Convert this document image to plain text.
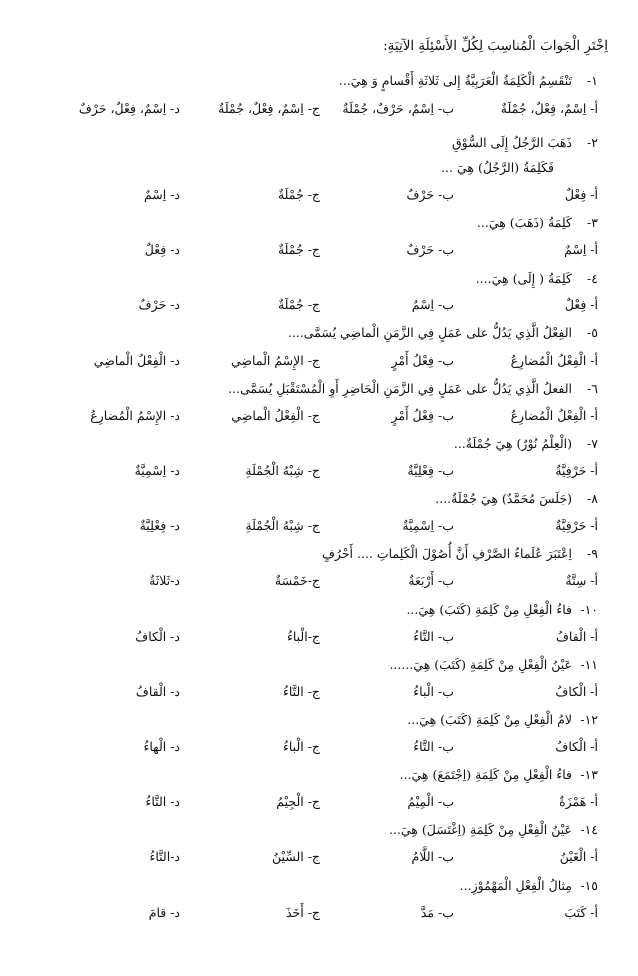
اِخْتَرِ الْجَوابَ الْمُناسِبَ لِكُلِّ الأَسْئِلَةِ الآتِيَةِ:
١-
تَنْقَسِمُ الْكَلِمَةُ الْعَرَبِيَّةُ إِلى ثَلاثَةِ أَقْسامٍ وَ هِيَ...
أ- اِسْمٌ، فِعْلٌ، جُمْلَةٌ
ب- اِسْمٌ، حَرْفٌ، جُمْلَةٌ
ج- اِسْمٌ، فِعْلٌ، جُمْلَةٌ
د- اِسْمٌ، فِعْلٌ، حَرْفٌ
٢-
ذَهَبَ الرَّجُلُ إِلَى السُّوْقِ
فَكَلِمَةُ (الرَّجُلُ) هِيَ ...
أ- فِعْلٌ
ب- حَرْفٌ
ج- جُمْلَةٌ
د- اِسْمٌ
٣-
كَلِمَةُ (ذَهَبَ) هِيَ...
أ- اِسْمٌ
ب- حَرْفٌ
ج- جُمْلَةٌ
د- فِعْلٌ
٤-
كَلِمَةُ ( إِلَى) هِيَ....
أ- فِعْلٌ
ب- اِسْمٌ
ج- جُمْلَةٌ
د- حَرْفٌ
٥-
الفِعْلُ الَّذِي يَدُلُّ على عَمَلٍ فِي الزَّمَنِ الْماضِي يُسَمَّى....
أ- الْفِعْلُ الْمُضارِعُ
ب- فِعْلُ أَمْرٍ
ج- الإِسْمُ الْماضِي
د- الْفِعْلُ الْماضِي
٦-
الفعلُ الَّذِي يَدُلُّ على عَمَلٍ فِي الزَّمَنِ الْحَاضِرِ أَوِ الْمُسْتَقْبَلِ يُسَمَّى...
أ- الْفِعْلُ الْمُضارِعُ
ب- فِعْلُ أَمْرٍ
ج- الْفِعْلُ الْماضِي
د- الإِسْمُ الْمُضارِعُ
٧-
(الْعِلْمُ نُوْرٌ) هِيَ جُمْلَةٌ...
أ- حَرْفِيَّةٌ
ب- فِعْلِيَّةٌ
ج- شِبْهُ الْجُمْلَةِ
د- اِسْمِيَّةٌ
٨-
(جَلَسَ مُحَمَّدٌ) هِيَ جُمْلَةٌ....
أ- حَرْفِيَّةٌ
ب- اِسْمِيَّةٌ
ج- شِبْهُ الْجُمْلَةِ
د- فِعْلِيَّةٌ
٩-
اِعْتَبَرَ عُلَماءُ الصَّرْفِ أَنَّ أُصُوْلَ الْكَلِماتِ .... أَحْرُفٍ
أ- سِتَّةٌ
ب- أَرْبَعَةٌ
ج-خَمْسَةٌ
د-ثَلاثَةٌ
١٠-
فاءُ الْفِعْلِ مِنْ كَلِمَةِ (كَتَبَ) هِيَ...
أ- الْقافُ
ب- التَّاءُ
ج-الْباءُ
د- الْكافُ
١١-
عَيْنُ الْفِعْلِ مِنْ كَلِمَةِ (كَتَبَ) هِيَ......
أ- الْكافُ
ب- الْباءُ
ج- التَّاءُ
د- الْقافُ
١٢-
لامُ الْفِعْلِ مِنْ كَلِمَةِ (كَتَبَ) هِيَ...
أ- الْكافُ
ب- التَّاءُ
ج- الْباءُ
د- الْهاءُ
١٣-
فاءُ الْفِعْلِ مِنْ كَلِمَةِ (اِجْتَمَعَ) هِيَ...
أ- هَمْزَةٌ
ب- الْمِيْمُ
ج- الْجِيْمُ
د- التَّاءُ
١٤-
عَيْنُ الْفِعْلِ مِنْ كَلِمَةِ (اِغْتَسَلَ) هِيَ...
أ- الْغَيْنُ
ب- اللَّامُ
ج- السِّيْنُ
د-التَّاءُ
١٥-
مِثالُ الْفِعْلِ الْمَهْمُوْزِ...
أ- كَتَبَ
ب- مَدَّ
ج- أَخَذَ
د- قامَ
